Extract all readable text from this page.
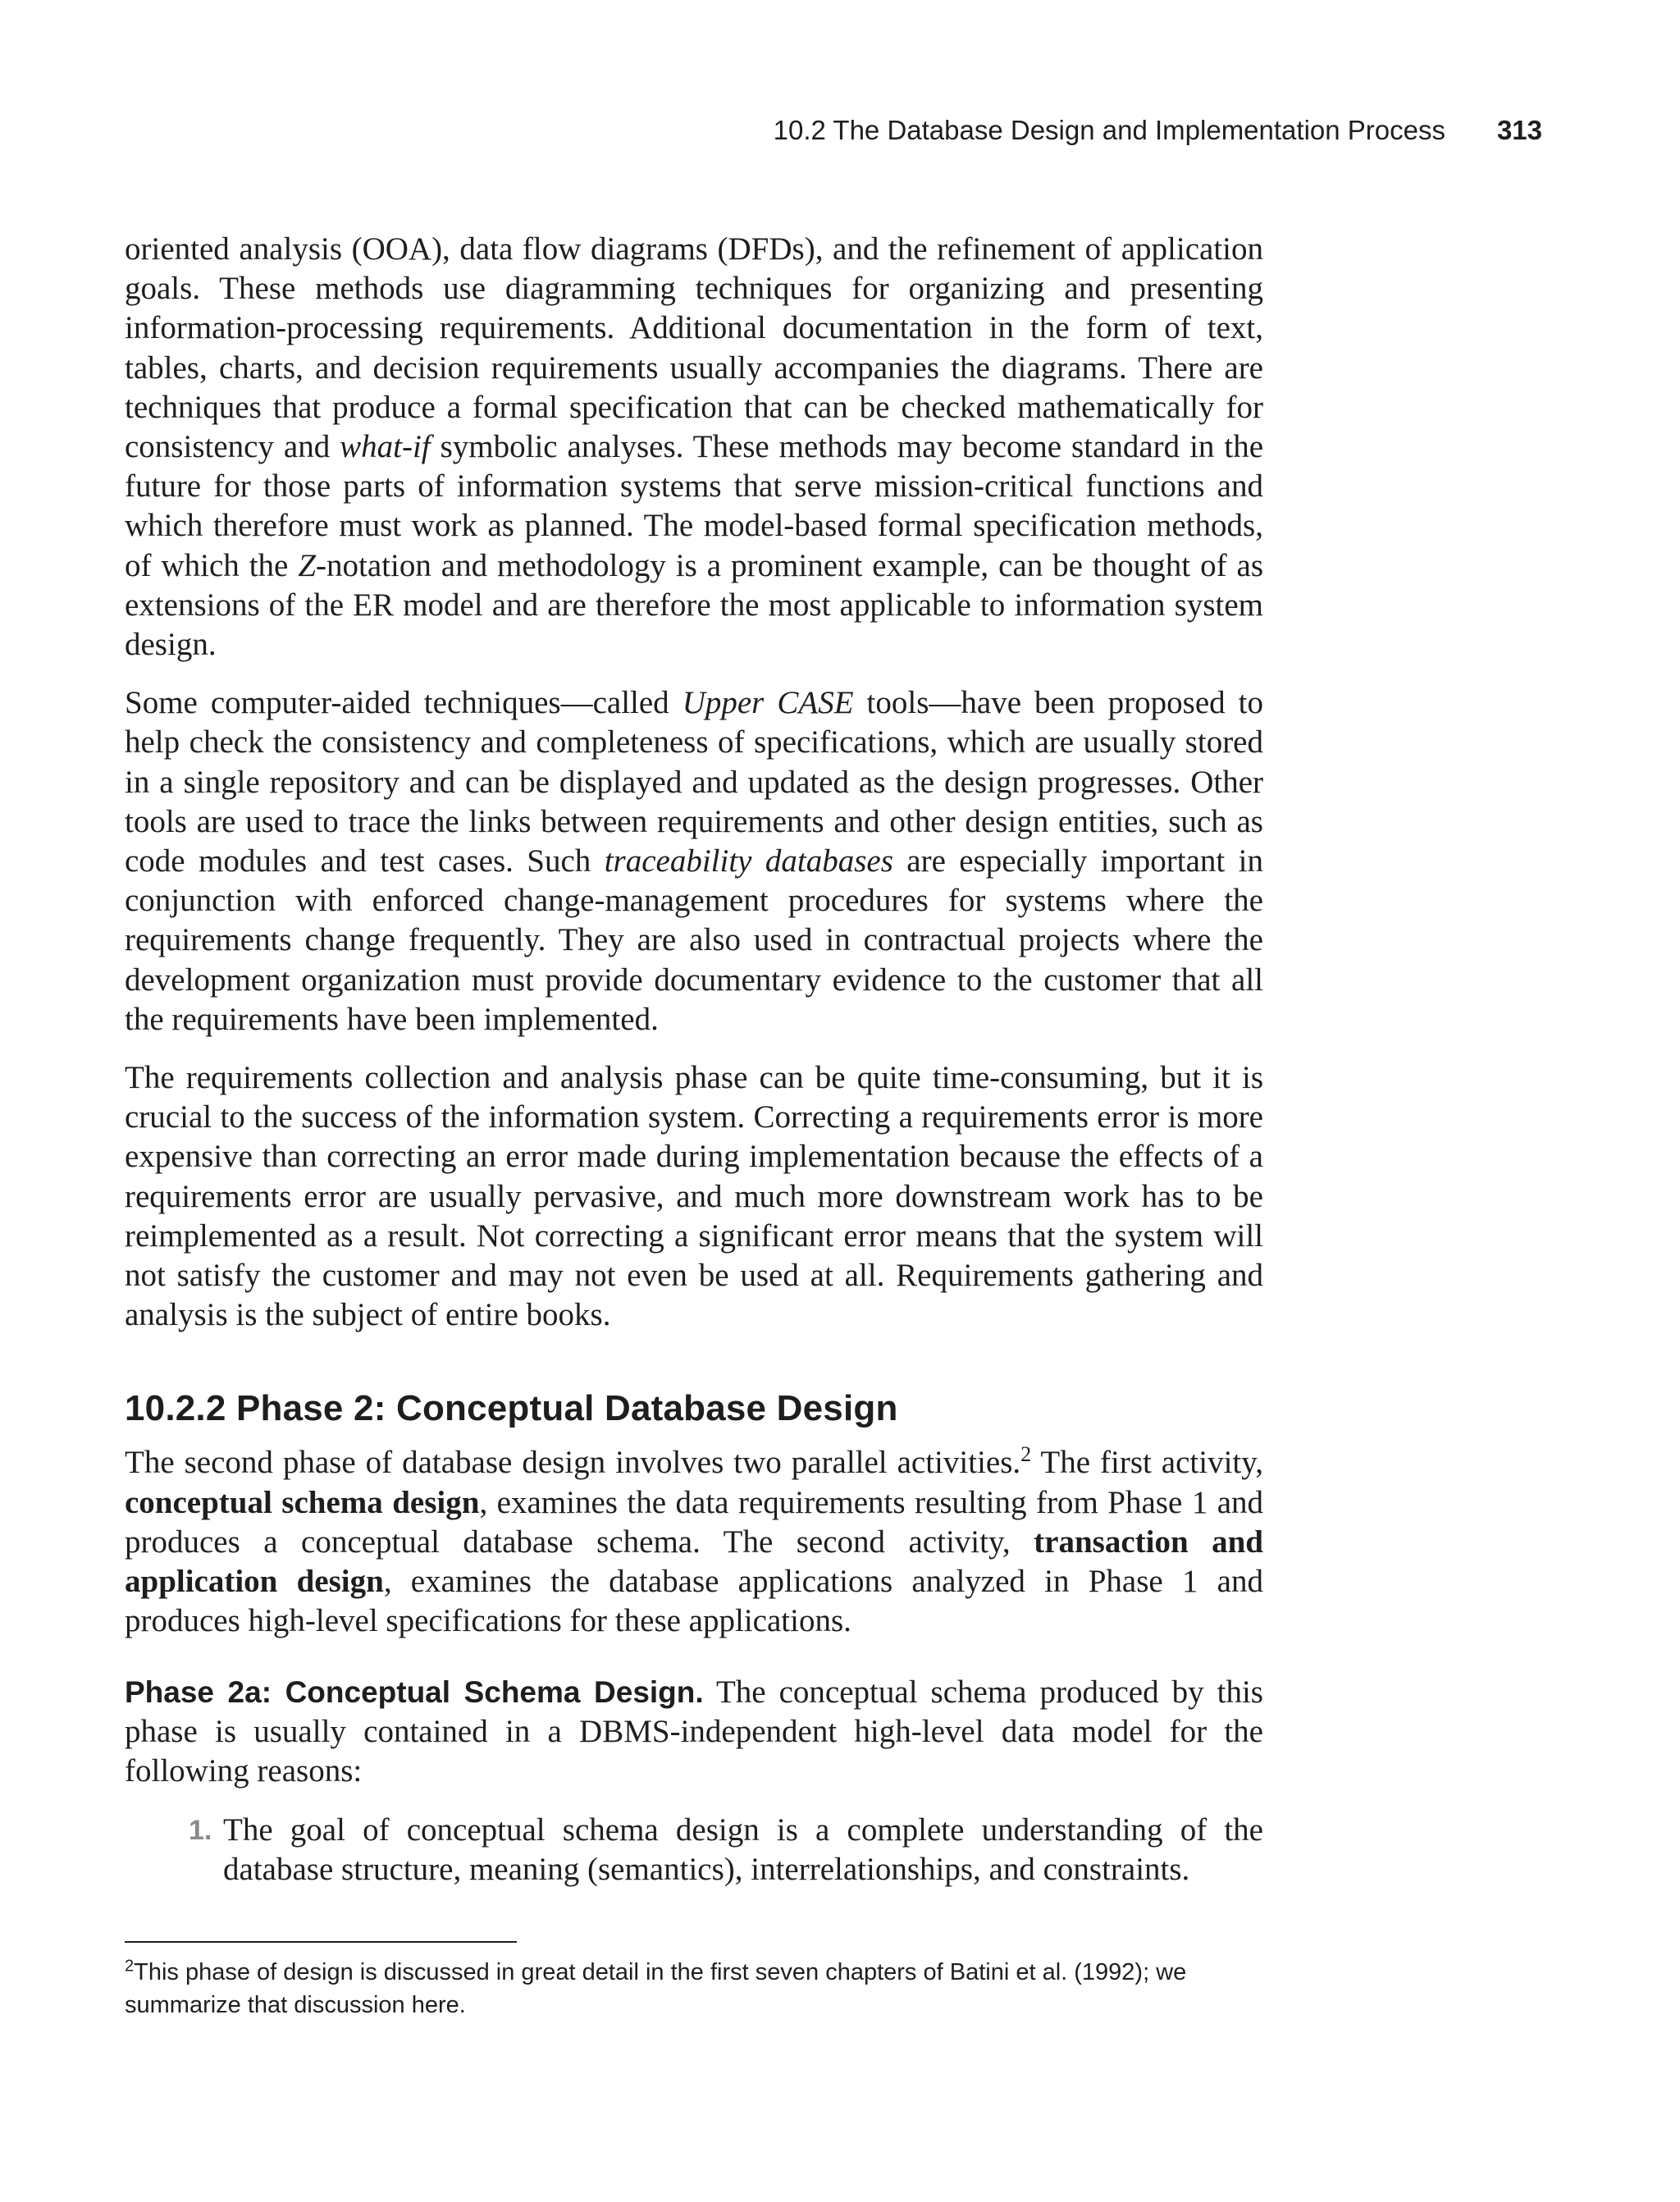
10.2 The Database Design and Implementation Process 313

oriented analysis (OOA), data flow diagrams (DFDs), and the refinement of application goals. These methods use diagramming techniques for organizing and presenting information-processing requirements. Additional documentation in the form of text, tables, charts, and decision requirements usually accompanies the diagrams. There are techniques that produce a formal specification that can be checked mathematically for consistency and what-if symbolic analyses. These methods may become standard in the future for those parts of information systems that serve mission-critical functions and which therefore must work as planned. The model-based formal specification methods, of which the Z-notation and methodology is a prominent example, can be thought of as extensions of the ER model and are therefore the most applicable to information system design.

Some computer-aided techniques—called Upper CASE tools—have been proposed to help check the consistency and completeness of specifications, which are usually stored in a single repository and can be displayed and updated as the design progresses. Other tools are used to trace the links between requirements and other design entities, such as code modules and test cases. Such traceability databases are especially important in conjunction with enforced change-management procedures for systems where the requirements change frequently. They are also used in contractual projects where the development organization must provide documentary evidence to the customer that all the requirements have been implemented.

The requirements collection and analysis phase can be quite time-consuming, but it is crucial to the success of the information system. Correcting a requirements error is more expensive than correcting an error made during implementation because the effects of a requirements error are usually pervasive, and much more downstream work has to be reimplemented as a result. Not correcting a significant error means that the system will not satisfy the customer and may not even be used at all. Requirements gathering and analysis is the subject of entire books.

10.2.2 Phase 2: Conceptual Database Design

The second phase of database design involves two parallel activities.$^2$ The first activity, conceptual schema design, examines the data requirements resulting from Phase 1 and produces a conceptual database schema. The second activity, transaction and application design, examines the database applications analyzed in Phase 1 and produces high-level specifications for these applications.

Phase 2a: Conceptual Schema Design. The conceptual schema produced by this phase is usually contained in a DBMS-independent high-level data model for the following reasons:

1. The goal of conceptual schema design is a complete understanding of the database structure, meaning (semantics), interrelationships, and constraints.
$^2$This phase of design is discussed in great detail in the first seven chapters of Batini et al. (1992); we summarize that discussion here.
